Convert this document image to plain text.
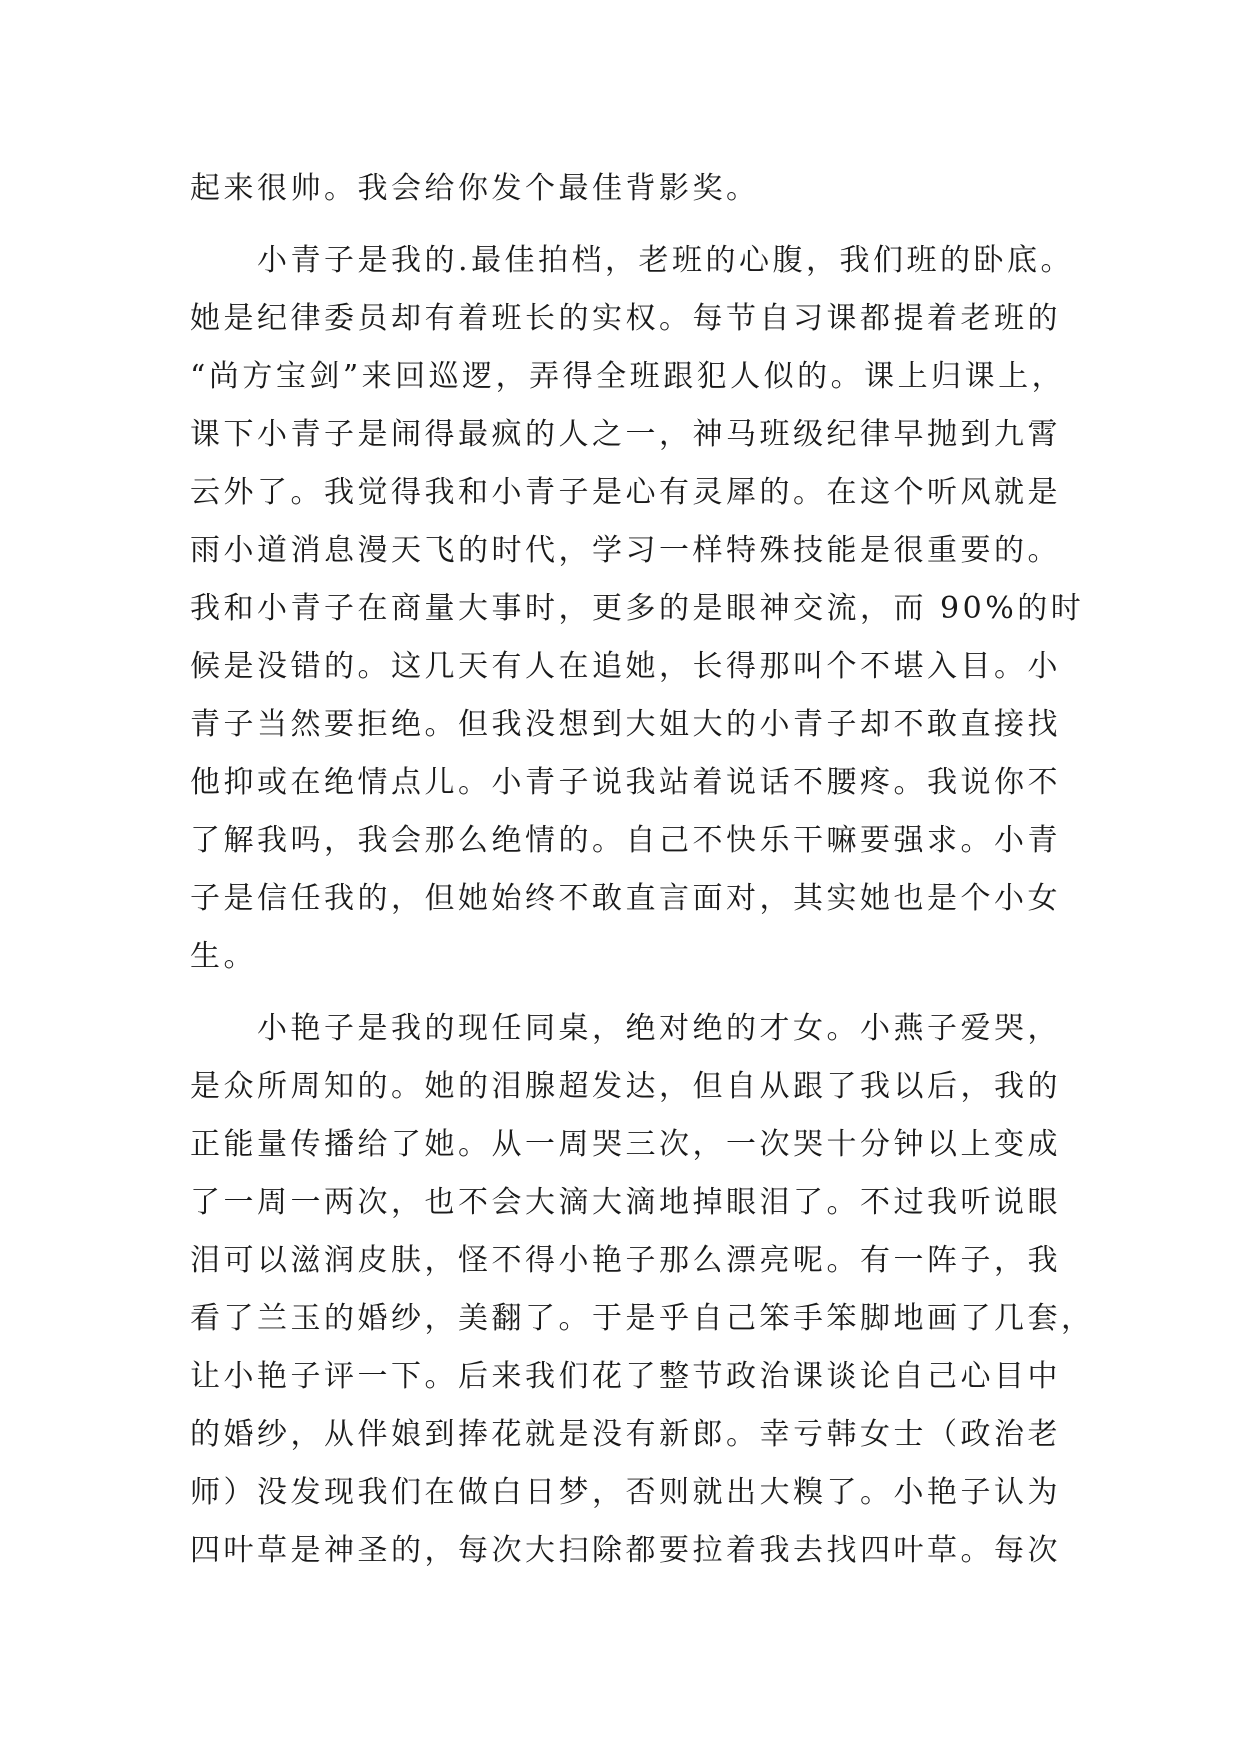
起来很帅。我会给你发个最佳背影奖。
　　小青子是我的.最佳拍档，老班的心腹，我们班的卧底。
她是纪律委员却有着班长的实权。每节自习课都提着老班的
“尚方宝剑”来回巡逻，弄得全班跟犯人似的。课上归课上，
课下小青子是闹得最疯的人之一，神马班级纪律早抛到九霄
云外了。我觉得我和小青子是心有灵犀的。在这个听风就是
雨小道消息漫天飞的时代，学习一样特殊技能是很重要的。
我和小青子在商量大事时，更多的是眼神交流，而 90%的时
候是没错的。这几天有人在追她，长得那叫个不堪入目。小
青子当然要拒绝。但我没想到大姐大的小青子却不敢直接找
他抑或在绝情点儿。小青子说我站着说话不腰疼。我说你不
了解我吗，我会那么绝情的。自己不快乐干嘛要强求。小青
子是信任我的，但她始终不敢直言面对，其实她也是个小女
生。
　　小艳子是我的现任同桌，绝对绝的才女。小燕子爱哭，
是众所周知的。她的泪腺超发达，但自从跟了我以后，我的
正能量传播给了她。从一周哭三次，一次哭十分钟以上变成
了一周一两次，也不会大滴大滴地掉眼泪了。不过我听说眼
泪可以滋润皮肤，怪不得小艳子那么漂亮呢。有一阵子，我
看了兰玉的婚纱，美翻了。于是乎自己笨手笨脚地画了几套，
让小艳子评一下。后来我们花了整节政治课谈论自己心目中
的婚纱，从伴娘到捧花就是没有新郎。幸亏韩女士（政治老
师）没发现我们在做白日梦，否则就出大糗了。小艳子认为
四叶草是神圣的，每次大扫除都要拉着我去找四叶草。每次
